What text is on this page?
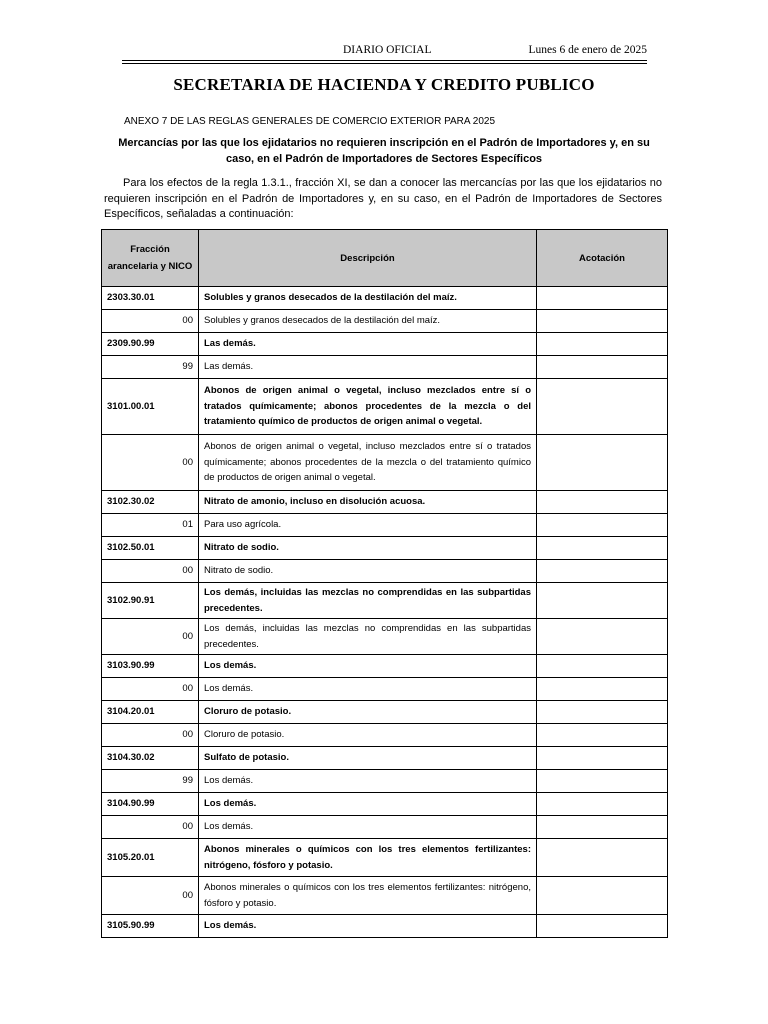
DIARIO OFICIAL	Lunes 6 de enero de 2025
SECRETARIA DE HACIENDA Y CREDITO PUBLICO
ANEXO 7 DE LAS REGLAS GENERALES DE COMERCIO EXTERIOR PARA 2025
Mercancías por las que los ejidatarios no requieren inscripción en el Padrón de Importadores y, en su caso, en el Padrón de Importadores de Sectores Específicos
Para los efectos de la regla 1.3.1., fracción XI, se dan a conocer las mercancías por las que los ejidatarios no requieren inscripción en el Padrón de Importadores y, en su caso, en el Padrón de Importadores de Sectores Específicos, señaladas a continuación:
Fracción arancelaria y NICO	Descripción	Acotación
2303.30.01	Solubles y granos desecados de la destilación del maíz.	
00	Solubles y granos desecados de la destilación del maíz.	
2309.90.99	Las demás.	
99	Las demás.	
3101.00.01	Abonos de origen animal o vegetal, incluso mezclados entre sí o tratados químicamente; abonos procedentes de la mezcla o del tratamiento químico de productos de origen animal o vegetal.	
00	Abonos de origen animal o vegetal, incluso mezclados entre sí o tratados químicamente; abonos procedentes de la mezcla o del tratamiento químico de productos de origen animal o vegetal.	
3102.30.02	Nitrato de amonio, incluso en disolución acuosa.	
01	Para uso agrícola.	
3102.50.01	Nitrato de sodio.	
00	Nitrato de sodio.	
3102.90.91	Los demás, incluidas las mezclas no comprendidas en las subpartidas precedentes.	
00	Los demás, incluidas las mezclas no comprendidas en las subpartidas precedentes.	
3103.90.99	Los demás.	
00	Los demás.	
3104.20.01	Cloruro de potasio.	
00	Cloruro de potasio.	
3104.30.02	Sulfato de potasio.	
99	Los demás.	
3104.90.99	Los demás.	
00	Los demás.	
3105.20.01	Abonos minerales o químicos con los tres elementos fertilizantes: nitrógeno, fósforo y potasio.	
00	Abonos minerales o químicos con los tres elementos fertilizantes: nitrógeno, fósforo y potasio.	
3105.90.99	Los demás.	
